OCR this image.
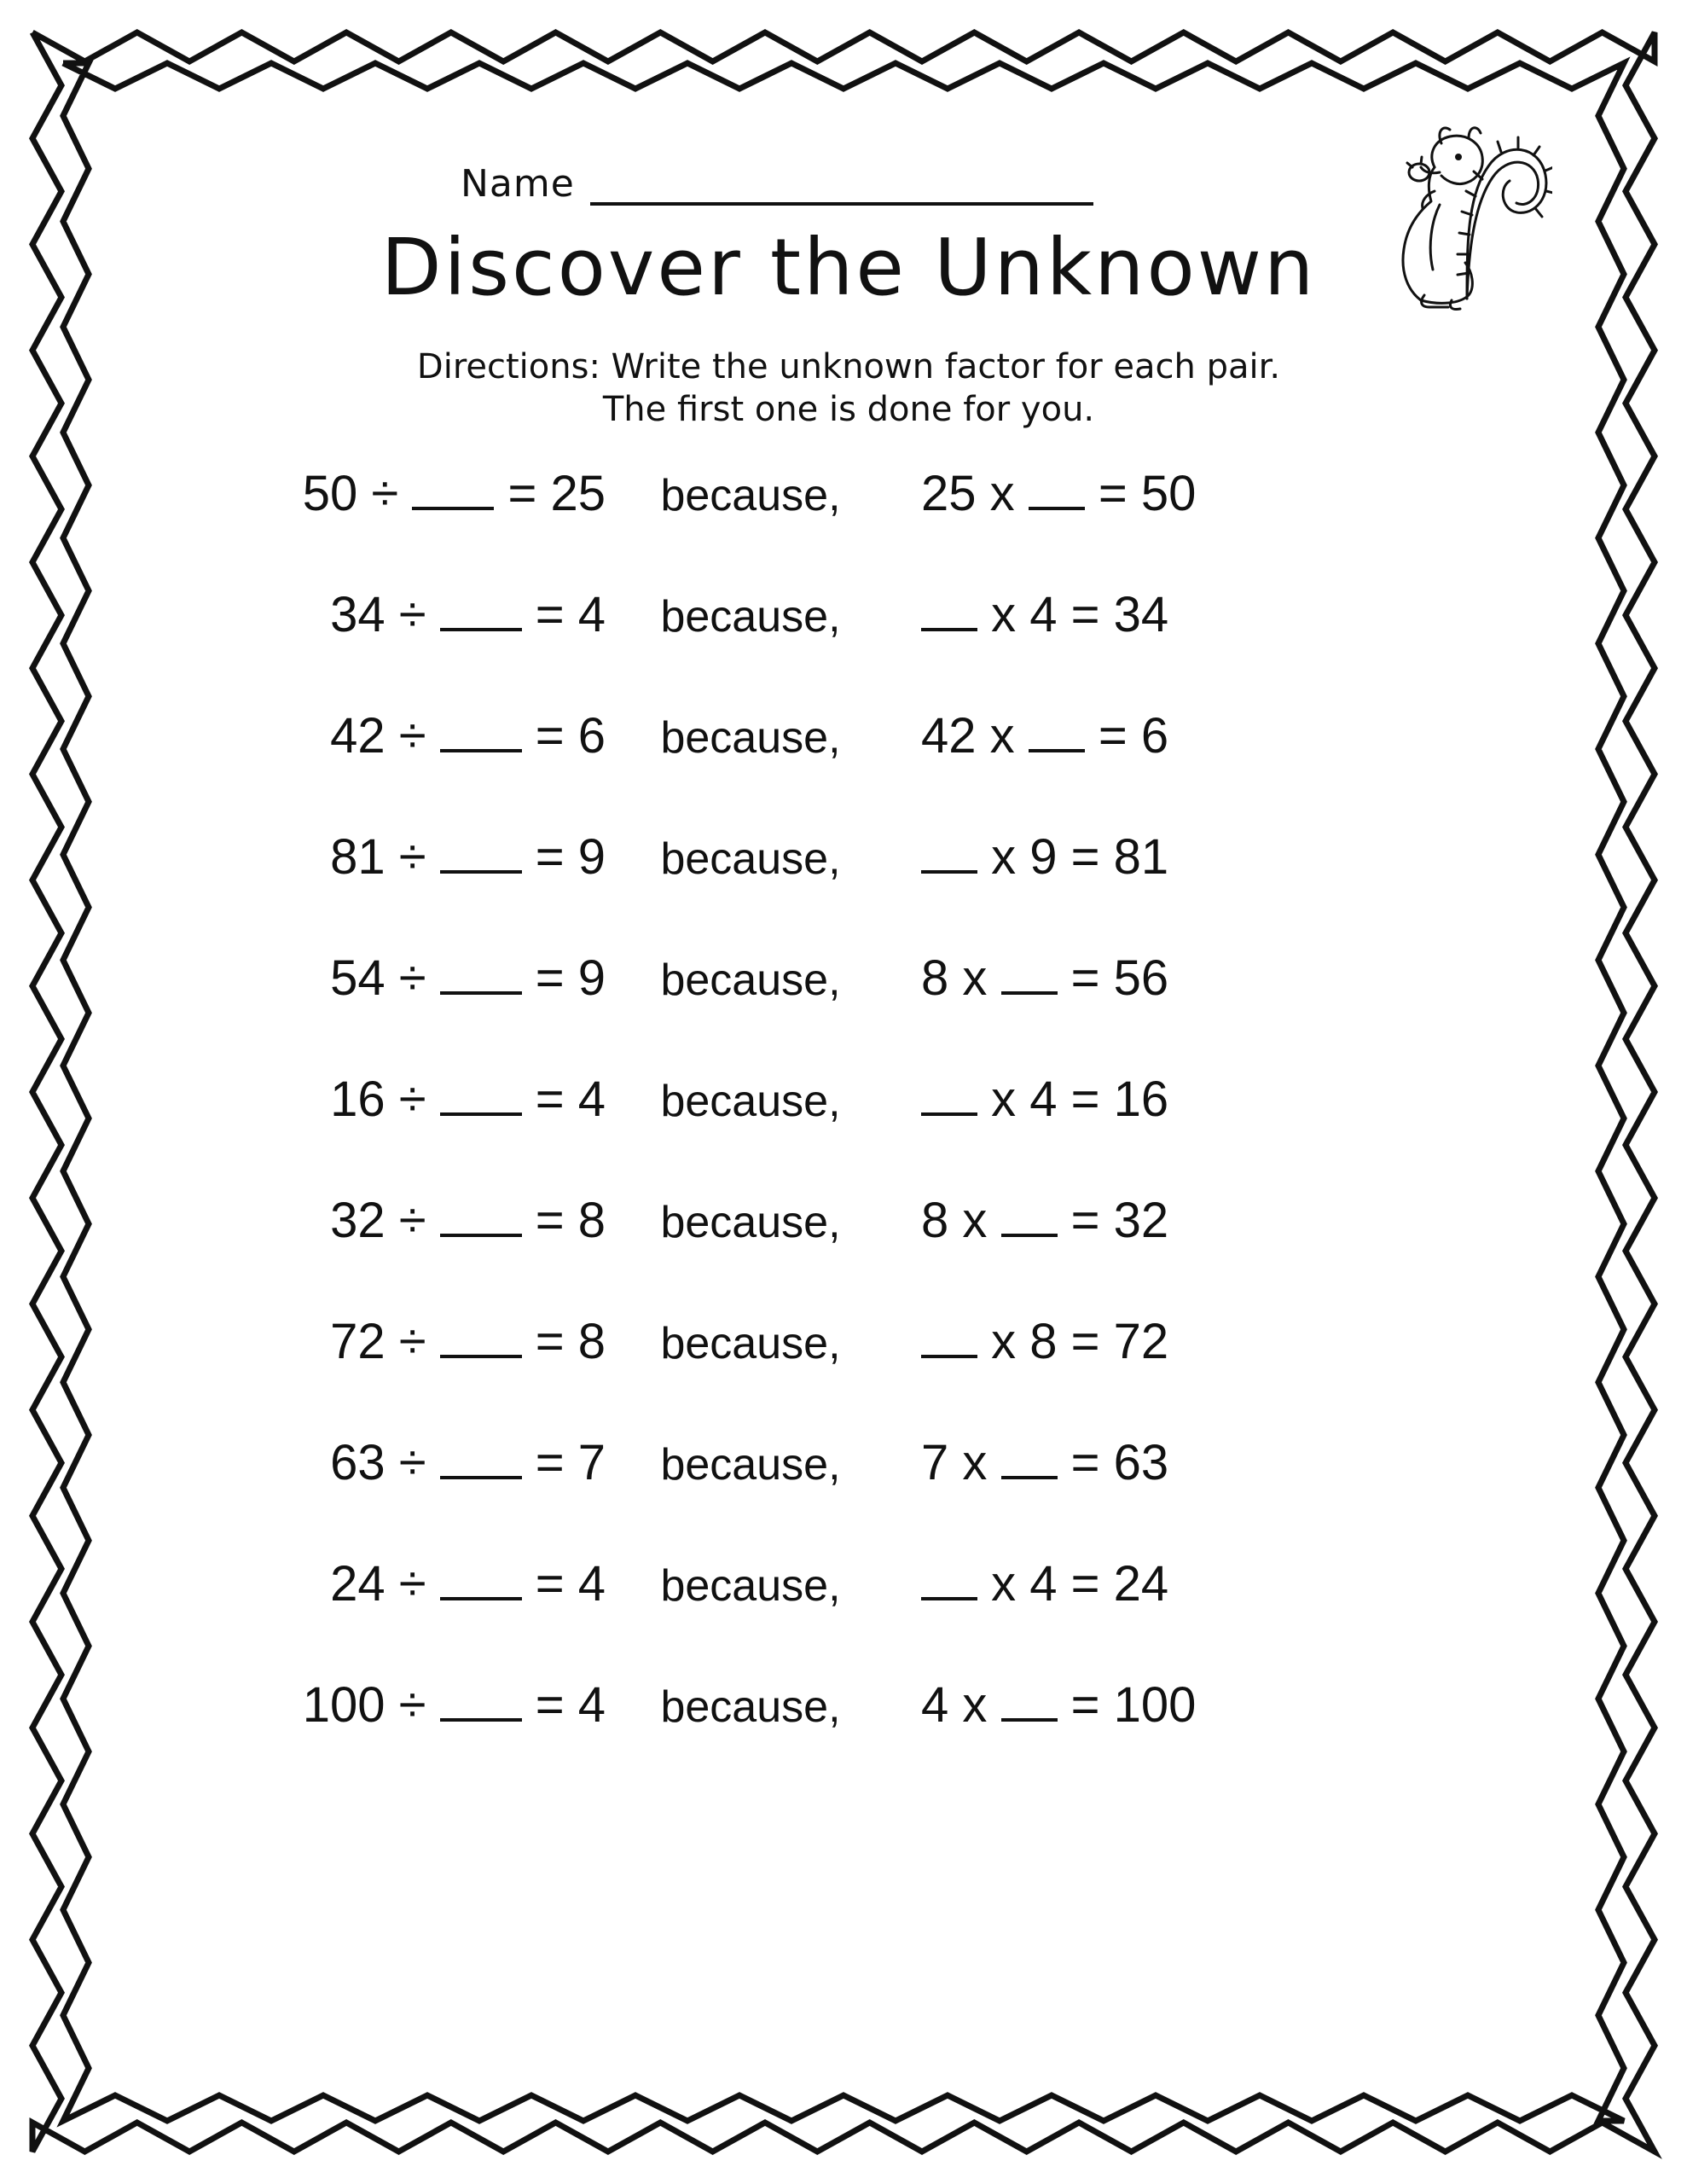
Name
Discover the Unknown
Directions: Write the unknown factor for each pair.
The first one is done for you.
50 ÷  = 25	because,	25 x  = 50
34 ÷  = 4	because,	x 4 = 34
42 ÷  = 6	because,	42 x  = 6
81 ÷  = 9	because,	x 9 = 81
54 ÷  = 9	because,	8 x  = 56
16 ÷  = 4	because,	x 4 = 16
32 ÷  = 8	because,	8 x  = 32
72 ÷  = 8	because,	x 8 = 72
63 ÷  = 7	because,	7 x  = 63
24 ÷  = 4	because,	x 4 = 24
100 ÷  = 4	because,	4 x  = 100
